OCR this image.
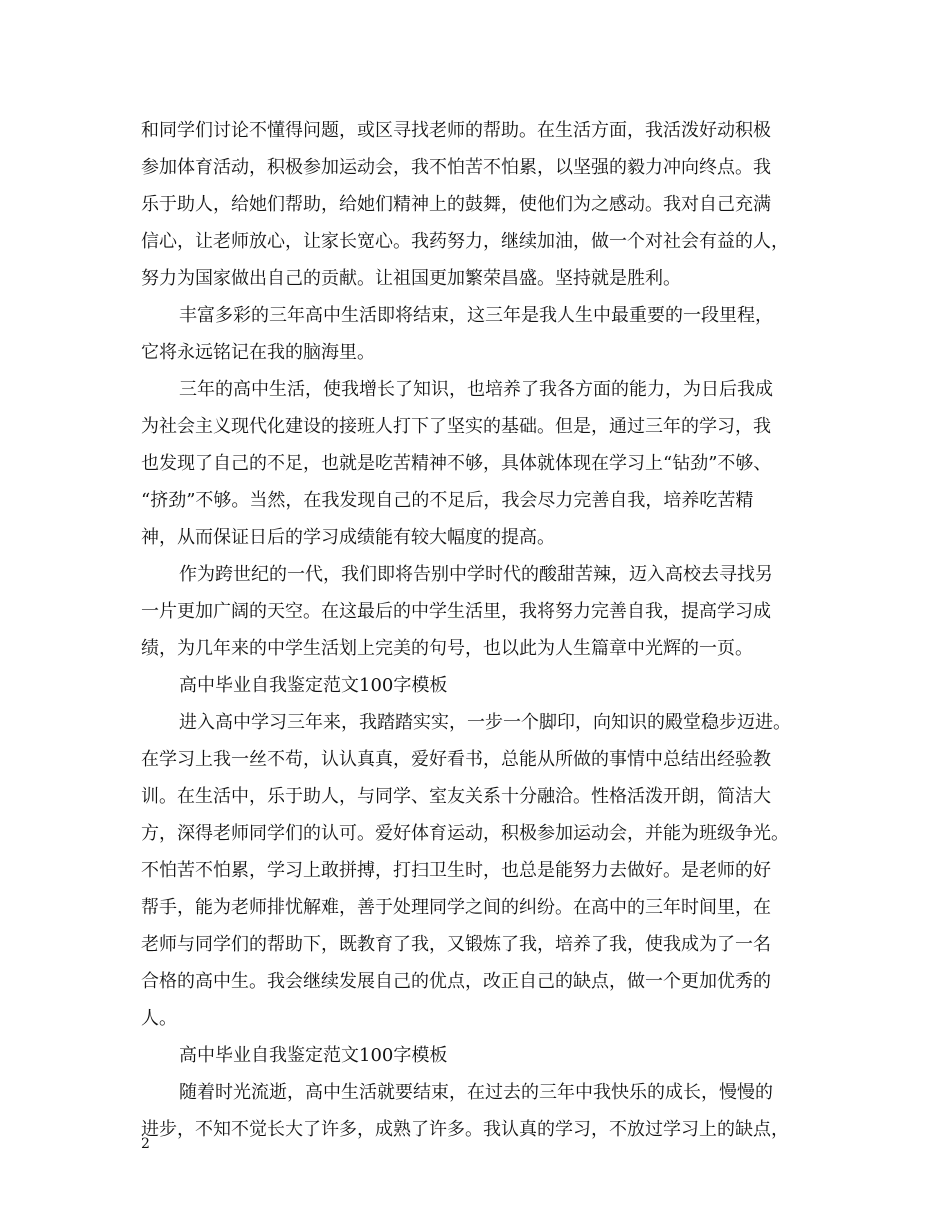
和同学们讨论不懂得问题，或区寻找老师的帮助。在生活方面，我活泼好动积极
参加体育活动，积极参加运动会，我不怕苦不怕累，以坚强的毅力冲向终点。我
乐于助人，给她们帮助，给她们精神上的鼓舞，使他们为之感动。我对自己充满
信心，让老师放心，让家长宽心。我药努力，继续加油，做一个对社会有益的人，
努力为国家做出自己的贡献。让祖国更加繁荣昌盛。坚持就是胜利。
丰富多彩的三年高中生活即将结束，这三年是我人生中最重要的一段里程，
它将永远铭记在我的脑海里。
三年的高中生活，使我增长了知识，也培养了我各方面的能力，为日后我成
为社会主义现代化建设的接班人打下了坚实的基础。但是，通过三年的学习，我
也发现了自己的不足，也就是吃苦精神不够，具体就体现在学习上“钻劲”不够、
“挤劲”不够。当然，在我发现自己的不足后，我会尽力完善自我，培养吃苦精
神，从而保证日后的学习成绩能有较大幅度的提高。
作为跨世纪的一代，我们即将告别中学时代的酸甜苦辣，迈入高校去寻找另
一片更加广阔的天空。在这最后的中学生活里，我将努力完善自我，提高学习成
绩，为几年来的中学生活划上完美的句号，也以此为人生篇章中光辉的一页。
高中毕业自我鉴定范文100字模板
进入高中学习三年来，我踏踏实实，一步一个脚印，向知识的殿堂稳步迈进。
在学习上我一丝不苟，认认真真，爱好看书，总能从所做的事情中总结出经验教
训。在生活中，乐于助人，与同学、室友关系十分融洽。性格活泼开朗，简洁大
方，深得老师同学们的认可。爱好体育运动，积极参加运动会，并能为班级争光。
不怕苦不怕累，学习上敢拼搏，打扫卫生时，也总是能努力去做好。是老师的好
帮手，能为老师排忧解难，善于处理同学之间的纠纷。在高中的三年时间里，在
老师与同学们的帮助下，既教育了我，又锻炼了我，培养了我，使我成为了一名
合格的高中生。我会继续发展自己的优点，改正自己的缺点，做一个更加优秀的
人。
高中毕业自我鉴定范文100字模板
随着时光流逝，高中生活就要结束，在过去的三年中我快乐的成长，慢慢的
进步，不知不觉长大了许多，成熟了许多。我认真的学习，不放过学习上的缺点，
2
